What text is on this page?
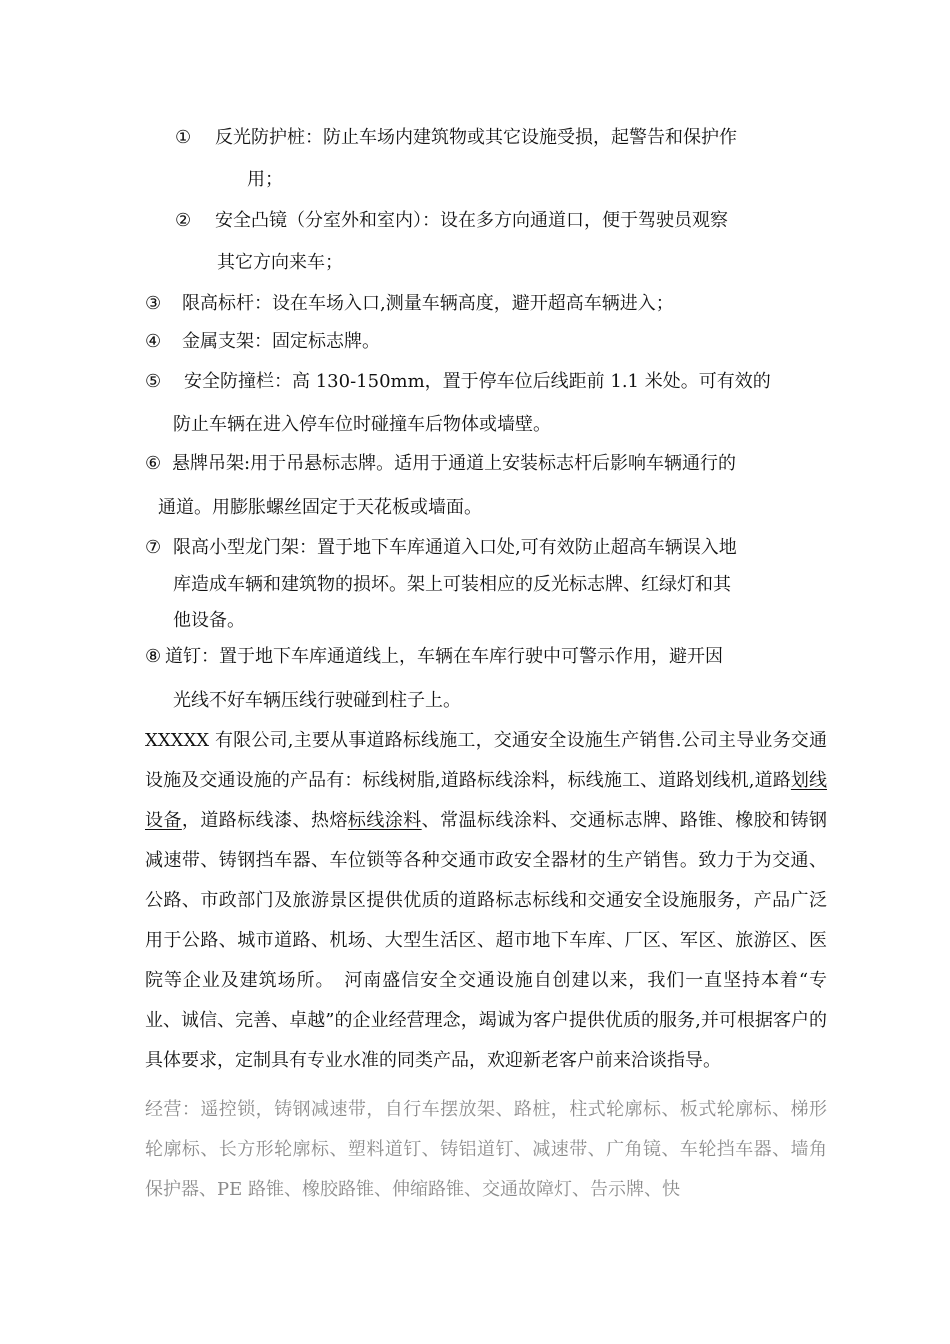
① 反光防护桩：防止车场内建筑物或其它设施受损，起警告和保护作
用；
② 安全凸镜（分室外和室内）：设在多方向通道口，便于驾驶员观察
其它方向来车；
③ 限高标杆：设在车场入口,测量车辆高度，避开超高车辆进入；
④ 金属支架：固定标志牌。
⑤ 安全防撞栏：高 130-150mm，置于停车位后线距前 1.1 米处。可有效的
防止车辆在进入停车位时碰撞车后物体或墙壁。
⑥ 悬牌吊架:用于吊悬标志牌。适用于通道上安装标志杆后影响车辆通行的
通道。用膨胀螺丝固定于天花板或墙面。
⑦ 限高小型龙门架：置于地下车库通道入口处,可有效防止超高车辆误入地
库造成车辆和建筑物的损坏。架上可装相应的反光标志牌、红绿灯和其
他设备。
⑧ 道钉：置于地下车库通道线上，车辆在车库行驶中可警示作用，避开因
光线不好车辆压线行驶碰到柱子上。
XXXXX 有限公司,主要从事道路标线施工，交通安全设施生产销售.公司主导业务交通设施及交通设施的产品有：标线树脂,道路标线涂料，标线施工、道路划线机,道路划线设备，道路标线漆、热熔标线涂料、常温标线涂料、交通标志牌、路锥、橡胶和铸钢减速带、铸钢挡车器、车位锁等各种交通市政安全器材的生产销售。致力于为交通、公路、市政部门及旅游景区提供优质的道路标志标线和交通安全设施服务，产品广泛用于公路、城市道路、机场、大型生活区、超市地下车库、厂区、军区、旅游区、医院等企业及建筑场所。　河南盛信安全交通设施自创建以来，我们一直坚持本着“专业、诚信、完善、卓越”的企业经营理念，竭诚为客户提供优质的服务,并可根据客户的具体要求，定制具有专业水准的同类产品，欢迎新老客户前来洽谈指导。
经营：遥控锁，铸钢减速带，自行车摆放架、路桩，柱式轮廓标、板式轮廓标、梯形轮廓标、长方形轮廓标、塑料道钉、铸铝道钉、减速带、广角镜、车轮挡车器、墙角保护器、PE 路锥、橡胶路锥、伸缩路锥、交通故障灯、告示牌、快
